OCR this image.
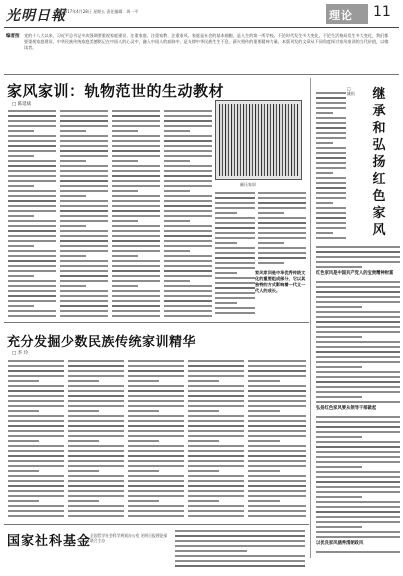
光明日報
2017年4月28日 星期五 责任编辑：周一平	理论 11
编者按 党的十八大以来，习近平总书记多次强调要重视家庭建设、注重家庭、注重家教、注重家风。家庭是社会的基本细胞，是人生的第一所学校。不论时代发生多大变化，不论生活格局发生多大变化，我们都要重视家庭建设。中华民族传统家庭美德铭记在中国人的心灵中，融入中国人的血脉中，是支撑中华民族生生不息、薪火相传的重要精神力量。本版刊发的文章从不同角度探讨家风家训的当代价值，以飨读者。

家风家训：轨物范世的生动教材
□ 陈延斌
颜氏家训
家风家训是中华优秀传统文化的重要组成部分，它以其独特的方式影响着一代又一代人的成长。
继承和弘扬红色家风
□ 姚桓
红色家风是中国共产党人的宝贵精神财富
弘扬红色家风要从领导干部做起
以优良家风涵养清朗政风
充分发掘少数民族传统家训精华
□ 李 玲
国家社科基金
全国哲学社会科学规划办公室 光明日报理论部 联合主办
